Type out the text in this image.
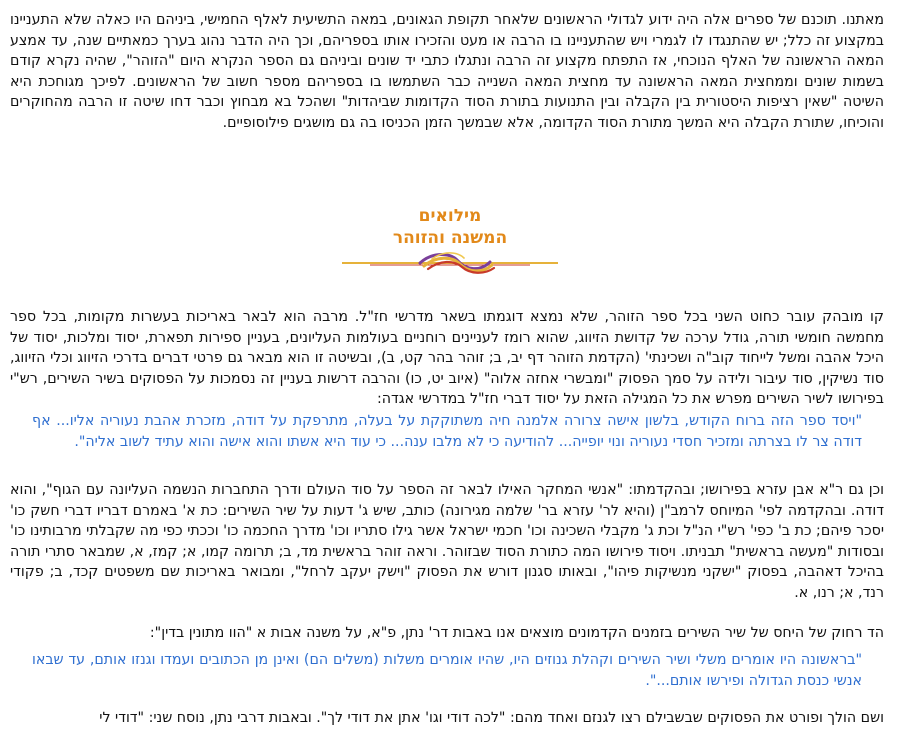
מאתנו. תוכנם של ספרים אלה היה ידוע לגדולי הראשונים שלאחר תקופת הגאונים, במאה התשיעית לאלף החמישי, ביניהם היו כאלה שלא התעניינו במקצוע זה כלל; יש שהתנגדו לו לגמרי ויש שהתעניינו בו הרבה או מעט והזכירו אותו בספריהם, וכך היה הדבר נהוג בערך כמאתיים שנה, עד אמצע המאה הראשונה של האלף הנוכחי, אז התפתח מקצוע זה הרבה ונתגלו כתבי יד שונים וביניהם גם הספר הנקרא היום "הזוהר", שהיה נקרא קודם בשמות שונים וממחצית המאה הראשונה עד מחצית המאה השנייה כבר השתמשו בו בספריהם מספר חשוב של הראשונים. לפיכך מגוחכת היא השיטה "שאין רציפות היסטורית בין הקבלה ובין התנועות בתורת הסוד הקדומות שביהדות" ושהכל בא מבחוץ וכבר דחו שיטה זו הרבה מהחוקרים והוכיחו, שתורת הקבלה היא המשך מתורת הסוד הקדומה, אלא שבמשך הזמן הכניסו בה גם מושגים פילוסופיים.

מילואים
המשנה והזוהר

קו מובהק עובר כחוט השני בכל ספר הזוהר, שלא נמצא דוגמתו בשאר מדרשי חז"ל. מרבה הוא לבאר באריכות בעשרות מקומות, בכל ספר מחמשה חומשי תורה, גודל ערכה של קדושת הזיווג, שהוא רומז לעניינים רוחניים בעולמות העליונים, בעניין ספירות תפארת, יסוד ומלכות, יסוד של היכל אהבה ומשל לייחוד קוב"ה ושכינתי' (הקדמת הזוהר דף יב, ב; זוהר בהר קט, ב), ובשיטה זו הוא מבאר גם פרטי דברים בדרכי הזיווג וכלי הזיווג, סוד נשיקין, סוד עיבור ולידה על סמך הפסוק "ומבשרי אחזה אלוה" (איוב יט, כו) והרבה דרשות בעניין זה נסמכות על הפסוקים בשיר השירים, רש"י בפירושו לשיר השירים מפרש את כל המגילה הזאת על יסוד דברי חז"ל במדרשי אגדה:

"ויסד ספר הזה ברוח הקודש, בלשון אישה צרורה אלמנה חיה משתוקקת על בעלה, מתרפקת על דודה, מזכרת אהבת נעוריה אליו... אף דודה צר לו בצרתה ומזכיר חסדי נעוריה ונוי יופייה... להודיעה כי לא מלבו ענה... כי עוד היא אשתו והוא אישה והוא עתיד לשוב אליה".

וכן גם ר"א אבן עזרא בפירושו; ובהקדמתו: "אנשי המחקר האילו לבאר זה הספר על סוד העולם ודרך התחברות הנשמה העליונה עם הגוף", והוא דודה. ובהקדמה לפי' המיוחס לרמב"ן (והיא לר' עזרא בר' שלמה מגירונה) כותב, שיש ג' דעות על שיר השירים: כת א' באמרם דבריו דברי חשק כו' יסכר פיהם; כת ב' כפי' רש"י הנ"ל וכת ג' מקבלי השכינה וכו' חכמי ישראל אשר גילו סתריו וכו' מדרך החכמה כו' וככתי כפי מה שקבלתי מרבותינו כו' ובסודות "מעשה בראשית" תבניתו. ויסוד פירושו המה כתורת הסוד שבזוהר. וראה זוהר בראשית מד, ב; תרומה קמו, א; קמז, א, שמבאר סתרי תורה בהיכל דאהבה, בפסוק "ישקני מנשיקות פיהו", ובאותו סגנון דורש את הפסוק "וישק יעקב לרחל", ומבואר באריכות שם משפטים קכד, ב; פקודי רנד, א; רנו, א.

הד רחוק של היחס של שיר השירים בזמנים הקדמונים מוצאים אנו באבות דר' נתן, פ"א, על משנה אבות א "הוו מתונין בדין":

"בראשונה היו אומרים משלי ושיר השירים וקהלת גנוזים היו, שהיו אומרים משלות (משלים הם) ואינן מן הכתובים ועמדו וגנזו אותם, עד שבאו אנשי כנסת הגדולה ופירשו אותם...".

ושם הולך ופורט את הפסוקים שבשבילם רצו לגנזם ואחד מהם: "לכה דודי וגו' אתן את דודי לך". ובאבות דרבי נתן, נוסח שני: "דודי לי
